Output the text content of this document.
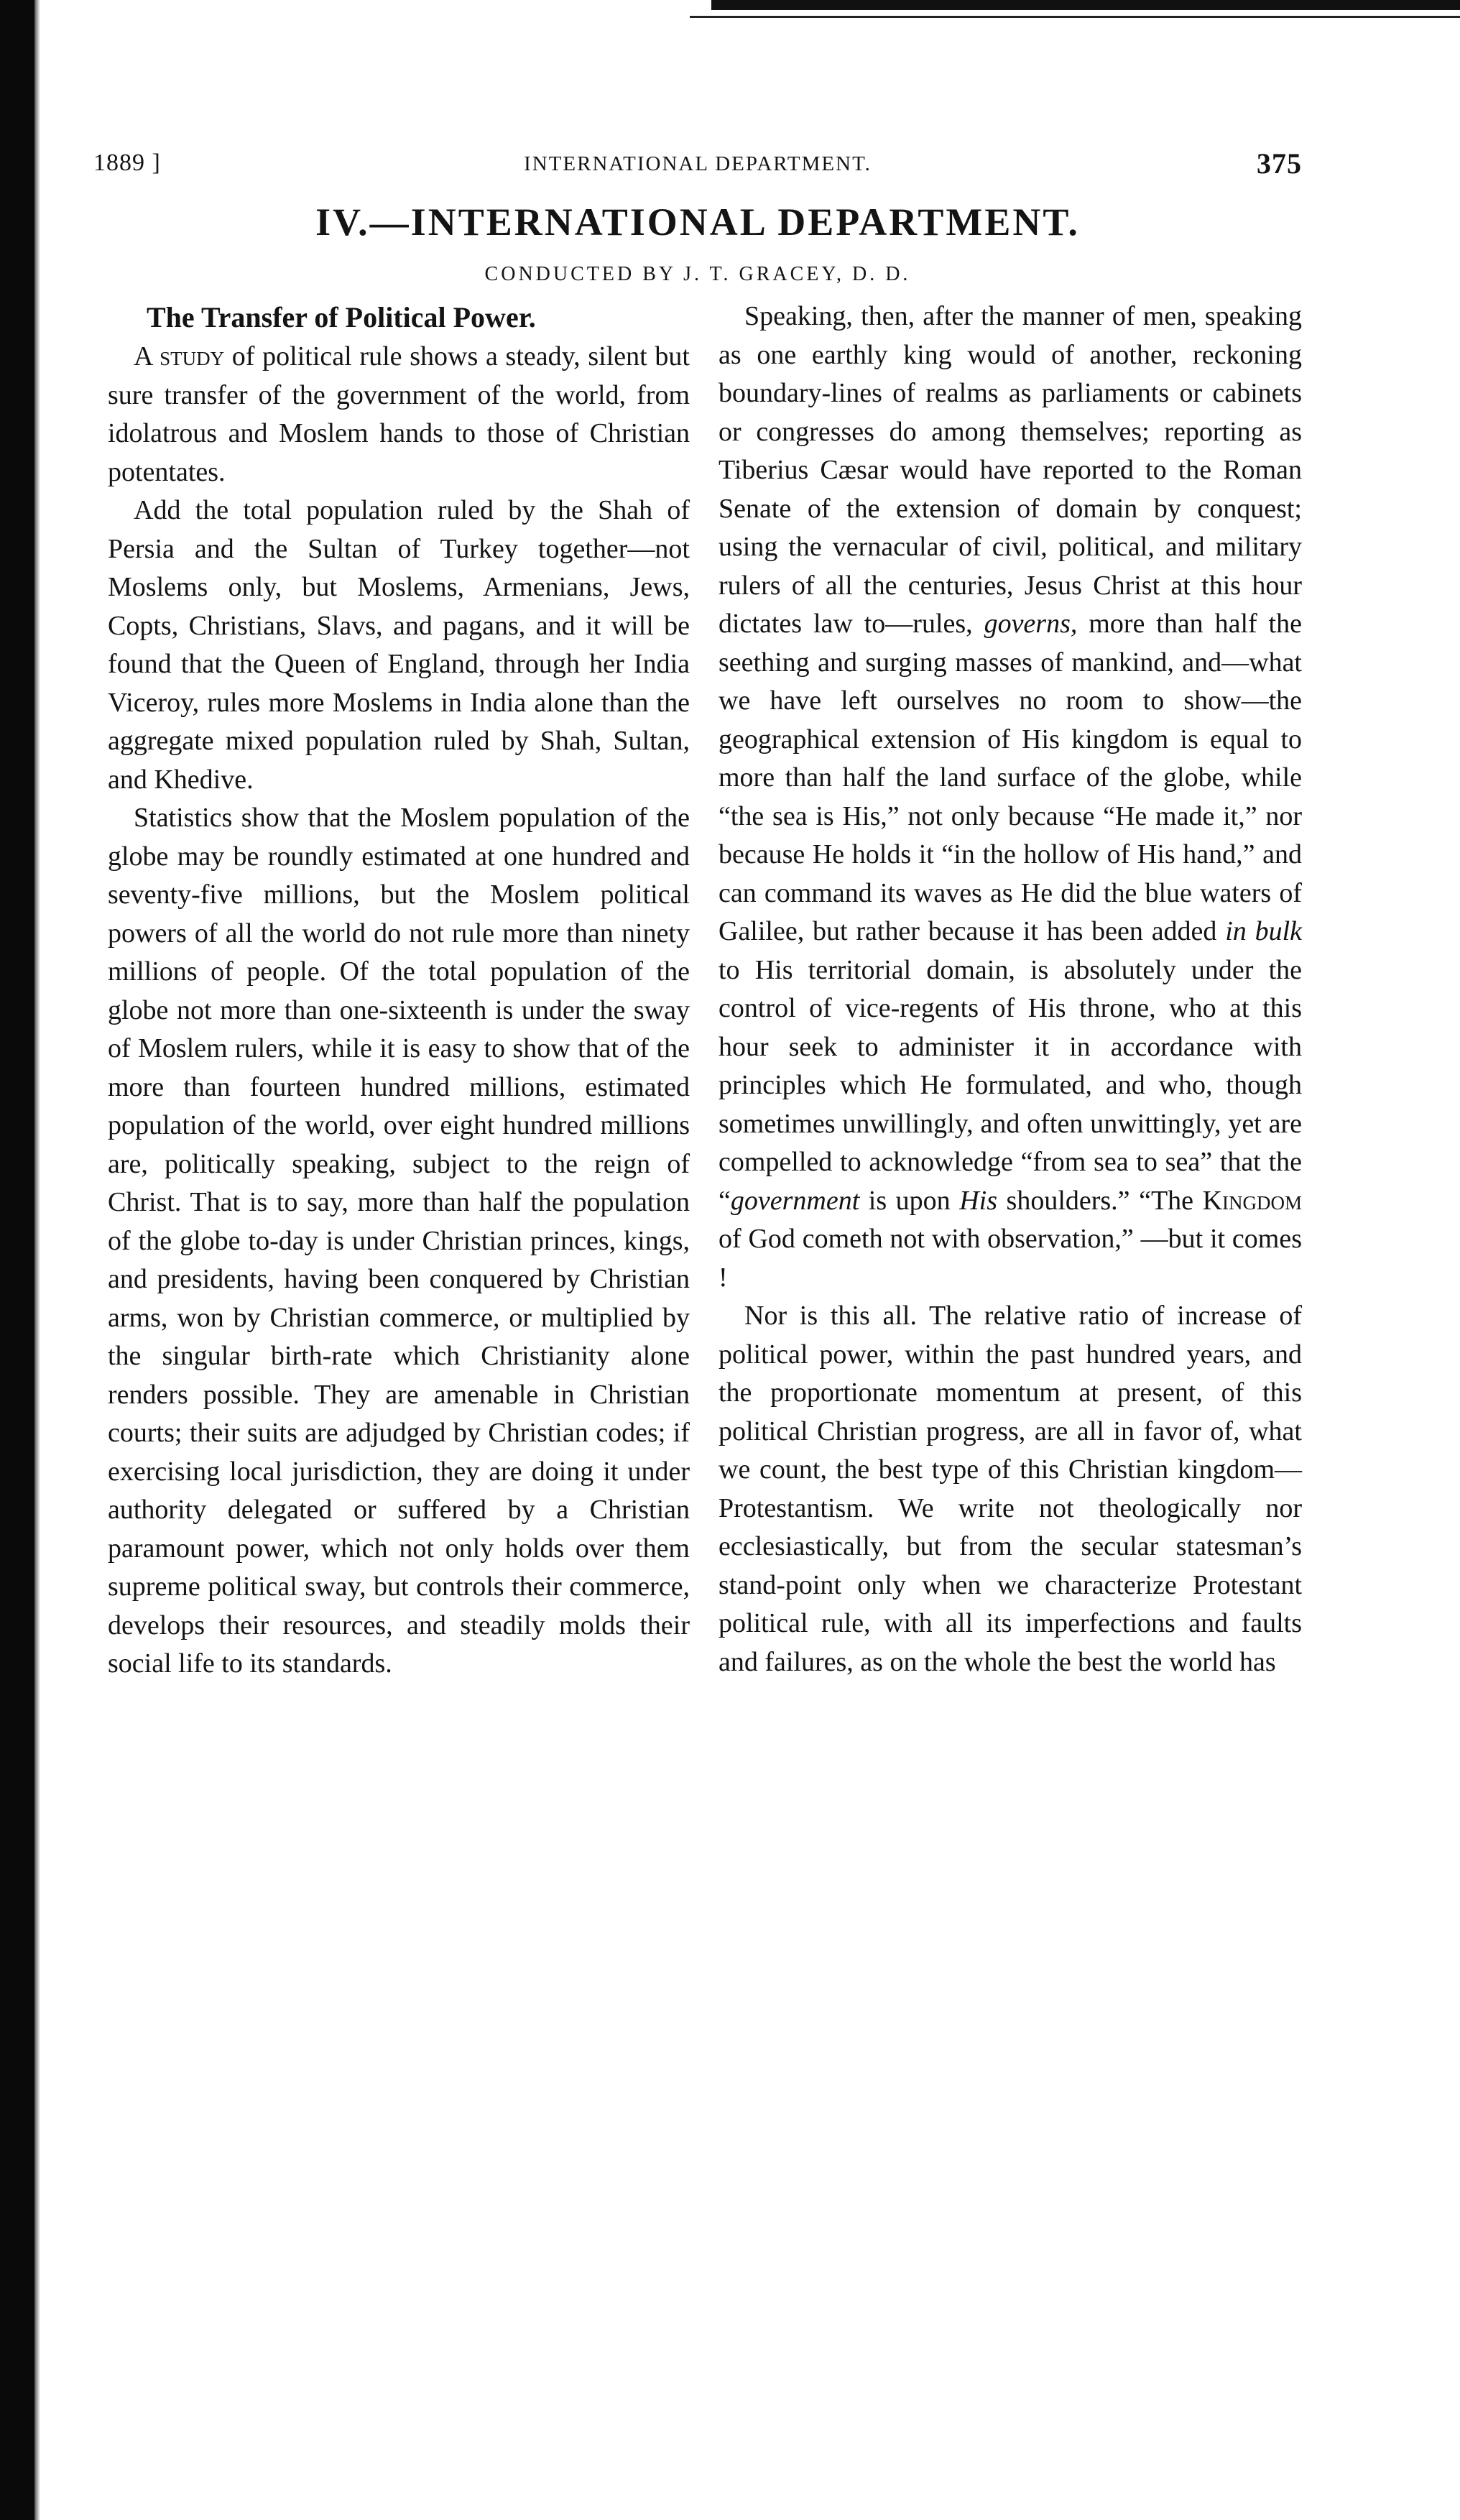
1889 ]	INTERNATIONAL DEPARTMENT.	375
IV.—INTERNATIONAL DEPARTMENT.
CONDUCTED BY J. T. GRACEY, D. D.
The Transfer of Political Power.

A study of political rule shows a steady, silent but sure transfer of the government of the world, from idolatrous and Moslem hands to those of Christian potentates.

Add the total population ruled by the Shah of Persia and the Sultan of Turkey together—not Moslems only, but Moslems, Armenians, Jews, Copts, Christians, Slavs, and pagans, and it will be found that the Queen of England, through her India Viceroy, rules more Moslems in India alone than the aggregate mixed population ruled by Shah, Sultan, and Khedive.

Statistics show that the Moslem population of the globe may be roundly estimated at one hundred and seventy-five millions, but the Moslem political powers of all the world do not rule more than ninety millions of people. Of the total population of the globe not more than one-sixteenth is under the sway of Moslem rulers, while it is easy to show that of the more than fourteen hundred millions, estimated population of the world, over eight hundred millions are, politically speaking, subject to the reign of Christ. That is to say, more than half the population of the globe to-day is under Christian princes, kings, and presidents, having been conquered by Christian arms, won by Christian commerce, or multiplied by the singular birth-rate which Christianity alone renders possible. They are amenable in Christian courts; their suits are adjudged by Christian codes; if exercising local jurisdiction, they are doing it under authority delegated or suffered by a Christian paramount power, which not only holds over them supreme political sway, but controls their commerce, develops their resources, and steadily molds their social life to its standards.

Speaking, then, after the manner of men, speaking as one earthly king would of another, reckoning boundary-lines of realms as parliaments or cabinets or congresses do among themselves; reporting as Tiberius Cæsar would have reported to the Roman Senate of the extension of domain by conquest; using the vernacular of civil, political, and military rulers of all the centuries, Jesus Christ at this hour dictates law to—rules, governs, more than half the seething and surging masses of mankind, and—what we have left ourselves no room to show—the geographical extension of His kingdom is equal to more than half the land surface of the globe, while “the sea is His,” not only because “He made it,” nor because He holds it “in the hollow of His hand,” and can command its waves as He did the blue waters of Galilee, but rather because it has been added in bulk to His territorial domain, is absolutely under the control of vice-regents of His throne, who at this hour seek to administer it in accordance with principles which He formulated, and who, though sometimes unwillingly, and often unwittingly, yet are compelled to acknowledge “from sea to sea” that the “government is upon His shoulders.” “The Kingdom of God cometh not with observation,” —but it comes !

Nor is this all. The relative ratio of increase of political power, within the past hundred years, and the proportionate momentum at present, of this political Christian progress, are all in favor of, what we count, the best type of this Christian kingdom—Protestantism. We write not theologically nor ecclesiastically, but from the secular statesman’s stand-point only when we characterize Protestant political rule, with all its imperfections and faults and failures, as on the whole the best the world has
